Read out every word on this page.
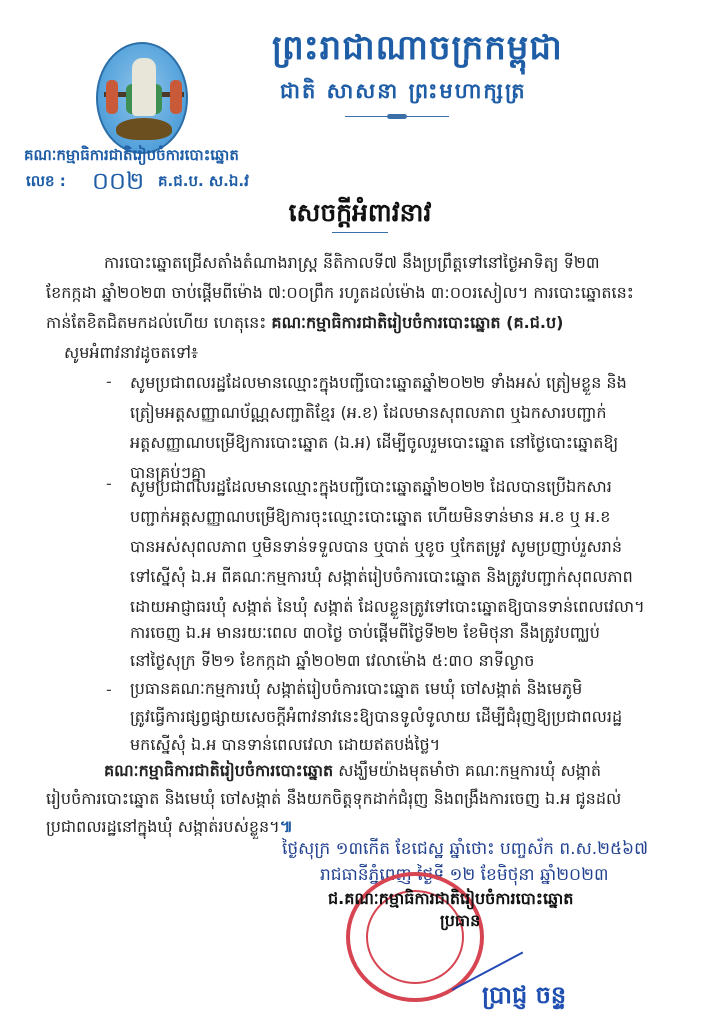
ព្រះរាជាណាចក្រកម្ពុជា
ជាតិ សាសនា ព្រះមហាក្សត្រ
គណៈកម្មាធិការជាតិរៀបចំការបោះឆ្នោត
លេខ : ០០២ គ.ជ.ប. ស.ឯ.វ
សេចក្តីអំពាវនាវ
ការបោះឆ្នោតជ្រើសតាំងតំណាងរាស្ត្រ នីតិកាលទី៧ នឹងប្រព្រឹត្តទៅនៅថ្ងៃអាទិត្យ ទី២៣
ខែកក្កដា ឆ្នាំ២០២៣ ចាប់ផ្តើមពីម៉ោង ៧:០០ព្រឹក រហូតដល់ម៉ោង ៣:០០រសៀល។ ការបោះឆ្នោតនេះ
កាន់តែខិតជិតមកដល់ហើយ ហេតុនេះ គណៈកម្មាធិការជាតិរៀបចំការបោះឆ្នោត (គ.ជ.ប)
សូមអំពាវនាវដូចតទៅ៖
- សូមប្រជាពលរដ្ឋដែលមានឈ្មោះក្នុងបញ្ជីបោះឆ្នោតឆ្នាំ២០២២ ទាំងអស់ ត្រៀមខ្លួន និង
ត្រៀមអត្តសញ្ញាណប័ណ្ណសញ្ជាតិខ្មែរ (អ.ខ) ដែលមានសុពលភាព ឬឯកសារបញ្ជាក់
អត្តសញ្ញាណបម្រើឱ្យការបោះឆ្នោត (ឯ.អ) ដើម្បីចូលរួមបោះឆ្នោត នៅថ្ងៃបោះឆ្នោតឱ្យ
បានគ្រប់ៗគ្នា
- សូមប្រជាពលរដ្ឋដែលមានឈ្មោះក្នុងបញ្ជីបោះឆ្នោតឆ្នាំ២០២២ ដែលបានប្រើឯកសារ
បញ្ជាក់អត្តសញ្ញាណបម្រើឱ្យការចុះឈ្មោះបោះឆ្នោត ហើយមិនទាន់មាន អ.ខ ឬ អ.ខ
បានអស់សុពលភាព ឬមិនទាន់ទទួលបាន ឬបាត់ ឬខូច ឬកែតម្រូវ សូមប្រញាប់រួសរាន់
ទៅស្នើសុំ ឯ.អ ពីគណៈកម្មការឃុំ សង្កាត់រៀបចំការបោះឆ្នោត និងត្រូវបញ្ជាក់សុពលភាព
ដោយអាជ្ញាធរឃុំ សង្កាត់ នៃឃុំ សង្កាត់ ដែលខ្លួនត្រូវទៅបោះឆ្នោតឱ្យបានទាន់ពេលវេលា។
ការចេញ ឯ.អ មានរយៈពេល ៣០ថ្ងៃ ចាប់ផ្តើមពីថ្ងៃទី២២ ខែមិថុនា នឹងត្រូវបញ្ឈប់
នៅថ្ងៃសុក្រ ទី២១ ខែកក្កដា ឆ្នាំ២០២៣ វេលាម៉ោង ៥:៣០ នាទីល្ងាច
- ប្រធានគណៈកម្មការឃុំ សង្កាត់រៀបចំការបោះឆ្នោត មេឃុំ ចៅសង្កាត់ និងមេភូមិ
ត្រូវធ្វើការផ្សព្វផ្សាយសេចក្តីអំពាវនាវនេះឱ្យបានទូលំទូលាយ ដើម្បីជំរុញឱ្យប្រជាពលរដ្ឋ
មកស្នើសុំ ឯ.អ បានទាន់ពេលវេលា ដោយឥតបង់ថ្លៃ។
គណៈកម្មាធិការជាតិរៀបចំការបោះឆ្នោត សង្ឃឹមយ៉ាងមុតមាំថា គណៈកម្មការឃុំ សង្កាត់
រៀបចំការបោះឆ្នោត និងមេឃុំ ចៅសង្កាត់ នឹងយកចិត្តទុកដាក់ជំរុញ និងពង្រឹងការចេញ ឯ.អ ជូនដល់
ប្រជាពលរដ្ឋនៅក្នុងឃុំ សង្កាត់របស់ខ្លួន។៕
ថ្ងៃសុក្រ ១៣កើត ខែជេស្ឋ ឆ្នាំថោះ បញ្ចស័ក ព.ស.២៥៦៧
រាជធានីភ្នំពេញ ថ្ងៃទី ១២ ខែមិថុនា ឆ្នាំ២០២៣
ជ.គណៈកម្មាធិការជាតិរៀបចំការបោះឆ្នោត
ប្រធាន
ប្រាជ្ញ ចន្ទ
